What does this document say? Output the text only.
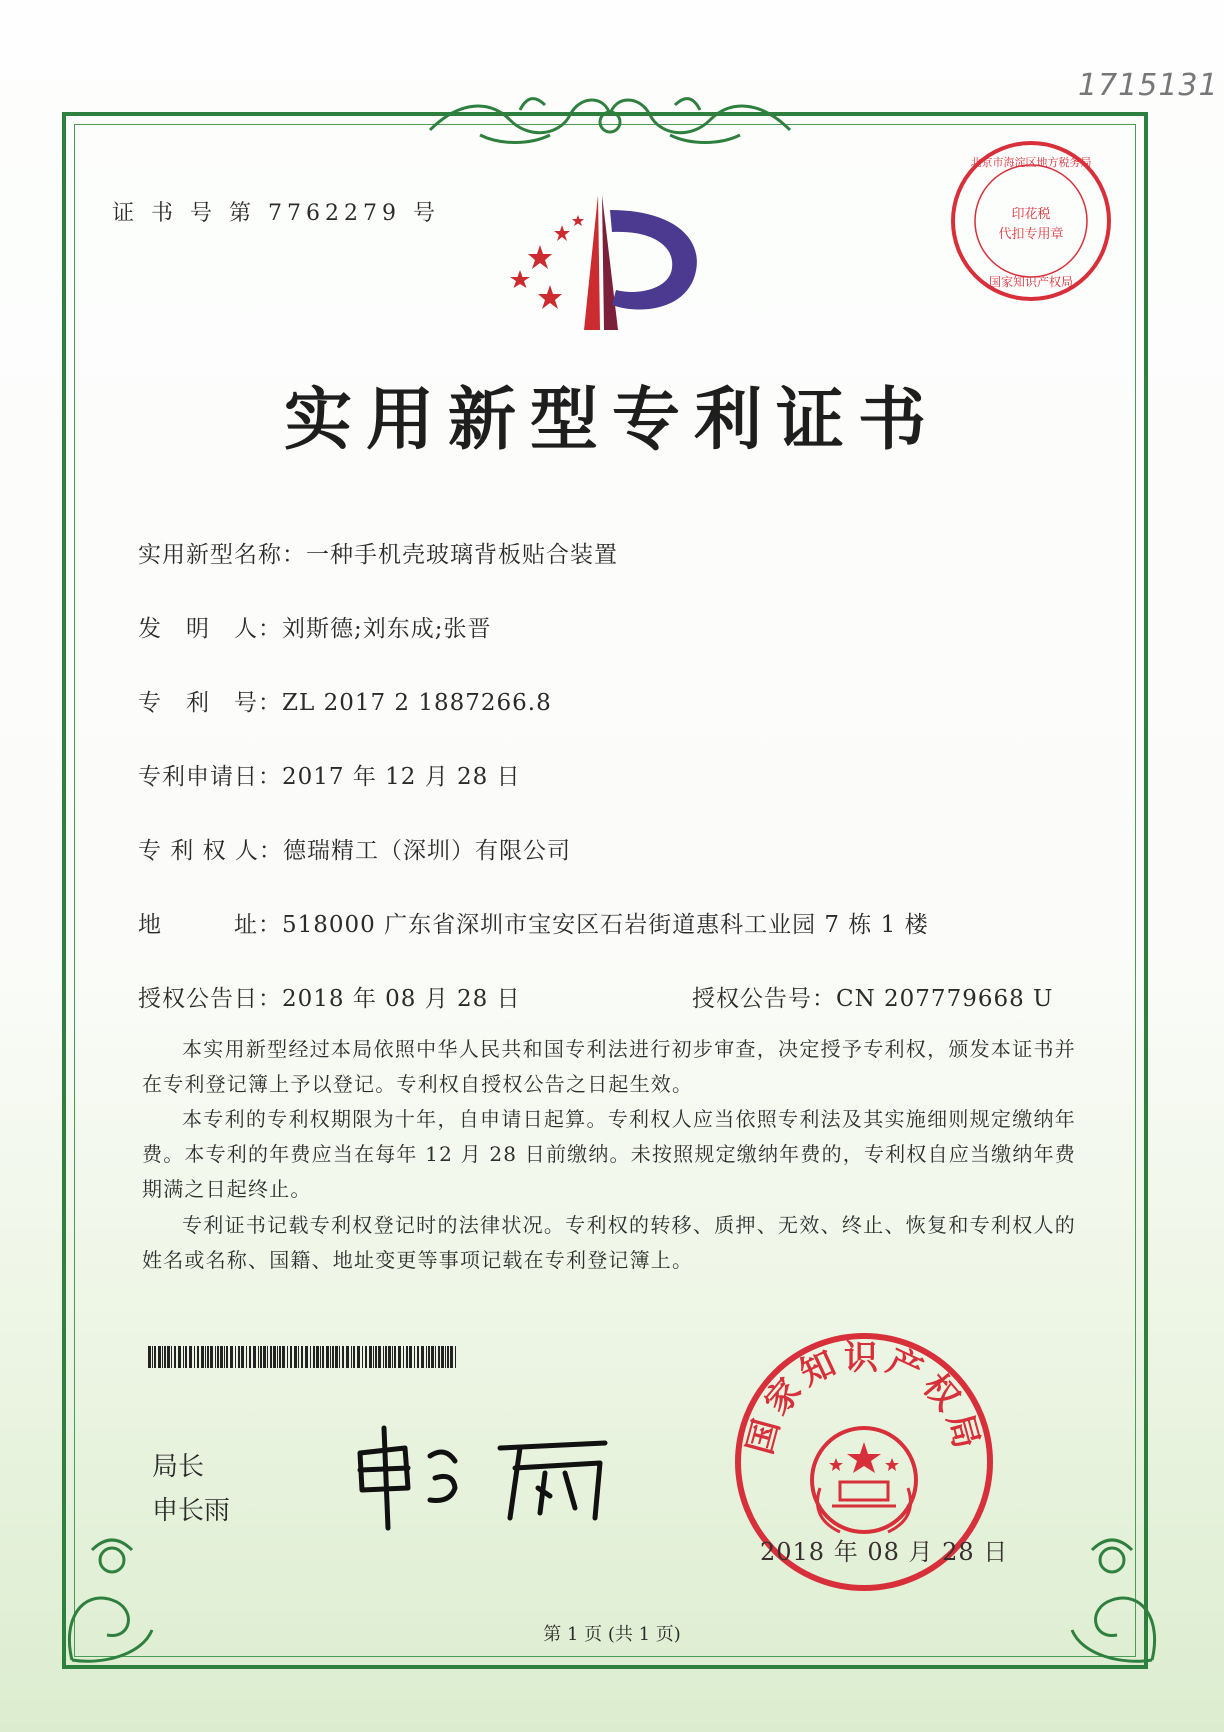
1715131
证 书 号 第 7762279 号
北京市海淀区地方税务局
印花税
代扣专用章
国家知识产权局
实用新型专利证书
实用新型名称：一种手机壳玻璃背板贴合装置
发　明　人：刘斯德;刘东成;张晋
专　利　号：ZL 2017 2 1887266.8
专利申请日：2017 年 12 月 28 日
专 利 权 人：德瑞精工（深圳）有限公司
地　　　址：518000 广东省深圳市宝安区石岩街道惠科工业园 7 栋 1 楼
授权公告日：2018 年 08 月 28 日	授权公告号：CN 207779668 U
本实用新型经过本局依照中华人民共和国专利法进行初步审查，决定授予专利权，颁发本证书并在专利登记簿上予以登记。专利权自授权公告之日起生效。
本专利的专利权期限为十年，自申请日起算。专利权人应当依照专利法及其实施细则规定缴纳年费。本专利的年费应当在每年 12 月 28 日前缴纳。未按照规定缴纳年费的，专利权自应当缴纳年费期满之日起终止。
专利证书记载专利权登记时的法律状况。专利权的转移、质押、无效、终止、恢复和专利权人的姓名或名称、国籍、地址变更等事项记载在专利登记簿上。
局长
申长雨
国家知识产权局
2018 年 08 月 28 日
第 1 页 (共 1 页)
